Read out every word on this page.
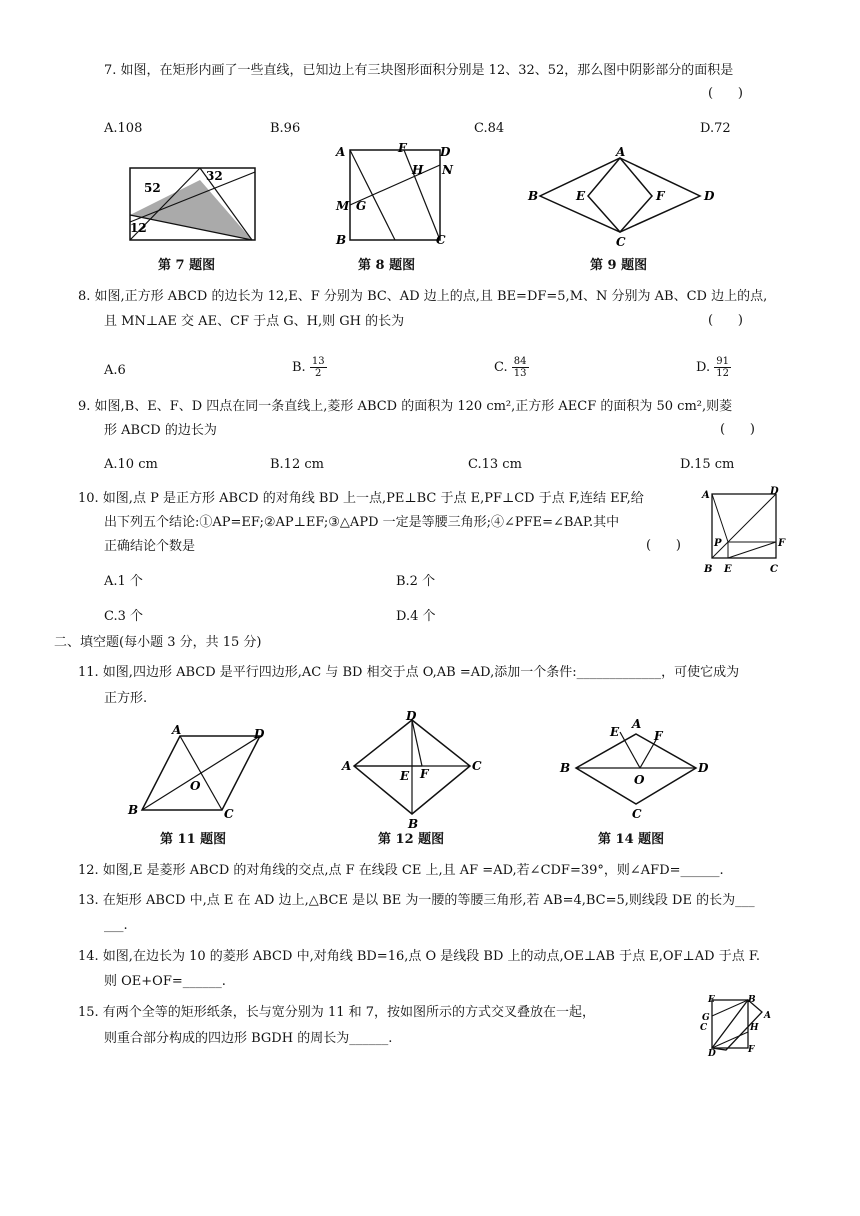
7. 如图，在矩形内画了一些直线，已知边上有三块图形面积分别是 12、32、52，那么图中阴影部分的面积是
(      )
A.108	B.96	C.84	D.72
52
32
12
第 7 题图
A	F	D
N
H
M G
B	C
第 8 题图
A
B	E	F	D
C
第 9 题图
8. 如图,正方形 ABCD 的边长为 12,E、F 分别为 BC、AD 边上的点,且 BE=DF=5,M、N 分别为 AB、CD 边上的点,
且 MN⊥AE 交 AE、CF 于点 G、H,则 GH 的长为	(      )
A.6	B. $\frac{13}{2}$	C. $\frac{84}{13}$	D. $\frac{91}{12}$
9. 如图,B、E、F、D 四点在同一条直线上,菱形 ABCD 的面积为 120 cm²,正方形 AECF 的面积为 50 cm²,则菱
形 ABCD 的边长为	(      )
A.10 cm	B.12 cm	C.13 cm	D.15 cm
10. 如图,点 P 是正方形 ABCD 的对角线 BD 上一点,PE⊥BC 于点 E,PF⊥CD 于点 F,连结 EF,给
出下列五个结论:①AP=EF;②AP⊥EF;③△APD 一定是等腰三角形;④∠PFE=∠BAP.其中
正确结论个数是	(      )
A.1 个	B.2 个
C.3 个	D.4 个
A	D
P	F
B E	C
二、填空题(每小题 3 分，共 15 分)
11. 如图,四边形 ABCD 是平行四边形,AC 与 BD 相交于点 O,AB =AD,添加一个条件:_____________，可使它成为
正方形.
A	D
O
B	C
第 11 题图
D
A
E F
C
B
第 12 题图
A
E	F
B
O
D
C
第 14 题图
12. 如图,E 是菱形 ABCD 的对角线的交点,点 F 在线段 CE 上,且 AF =AD,若∠CDF=39°，则∠AFD=______.
13. 在矩形 ABCD 中,点 E 在 AD 边上,△BCE 是以 BE 为一腰的等腰三角形,若 AB=4,BC=5,则线段 DE 的长为___
___.
14. 如图,在边长为 10 的菱形 ABCD 中,对角线 BD=16,点 O 是线段 BD 上的动点,OE⊥AB 于点 E,OF⊥AD 于点 F.
则 OE+OF=______.
15. 有两个全等的矩形纸条，长与宽分别为 11 和 7，按如图所示的方式交叉叠放在一起，
则重合部分构成的四边形 BGDH 的周长为______.
E	B
G	A
H
D	F
C
